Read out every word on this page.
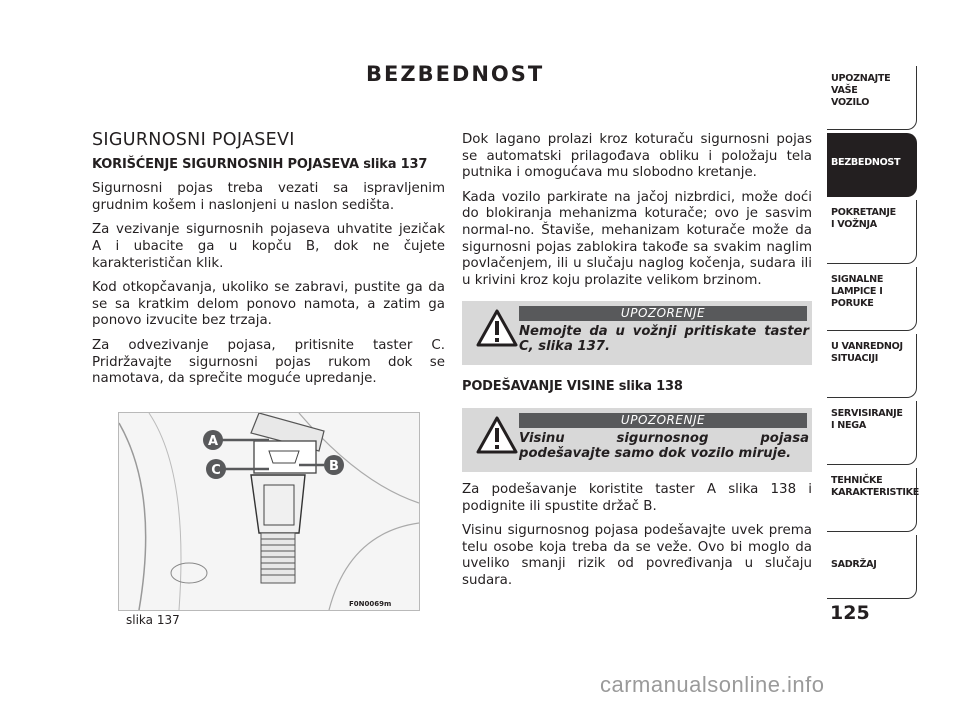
BEZBEDNOST
SIGURNOSNI POJASEVI
KORIŠĆENJE SIGURNOSNIH POJASEVA slika 137

Sigurnosni pojas treba vezati sa ispravljenim grudnim košem i naslonjeni u naslon sedišta.

Za vezivanje sigurnosnih pojaseva uhvatite jezičak A i ubacite ga u kopču B, dok ne čujete karakterističan klik.

Kod otkopčavanja, ukoliko se zabravi, pustite ga da se sa kratkim delom ponovo namota, a zatim ga ponovo izvucite bez trzaja.

Za odvezivanje pojasa, pritisnite taster C. Pridržavajte sigurnosni pojas rukom dok se namotava, da sprečite moguće upredanje.

A
C	B
F0N0069m
slika 137

Dok lagano prolazi kroz koturaču sigurnosni pojas se automatski prilagođava obliku i položaju tela putnika i omogućava mu slobodno kretanje.

Kada vozilo parkirate na jačoj nizbrdici, može doći do blokiranja mehanizma koturače; ovo je sasvim normal-no. Štaviše, mehanizam koturače može da sigurnosni pojas zablokira takođe sa svakim naglim povlačenjem, ili u slučaju naglog kočenja, sudara ili u krivini kroz koju prolazite velikom brzinom.

UPOZORENJE
Nemojte da u vožnji pritiskate taster C, slika 137.
PODEŠAVANJE VISINE slika 138
UPOZORENJE
Visinu sigurnosnog pojasa podešavajte samo dok vozilo miruje.

Za podešavanje koristite taster A slika 138 i podignite ili spustite držač B.

Visinu sigurnosnog pojasa podešavajte uvek prema telu osobe koja treba da se veže. Ovo bi moglo da uveliko smanji rizik od povređivanja u slučaju sudara.

UPOZNAJTE
VAŠE
VOZILO
BEZBEDNOST
POKRETANJE
I VOŽNJA
SIGNALNE
LAMPICE I PORUKE
U VANREDNOJ
SITUACIJI
SERVISIRANJE
I NEGA
TEHNIČKE
KARAKTERISTIKE
SADRŽAJ
125
carmanualsonline.info
